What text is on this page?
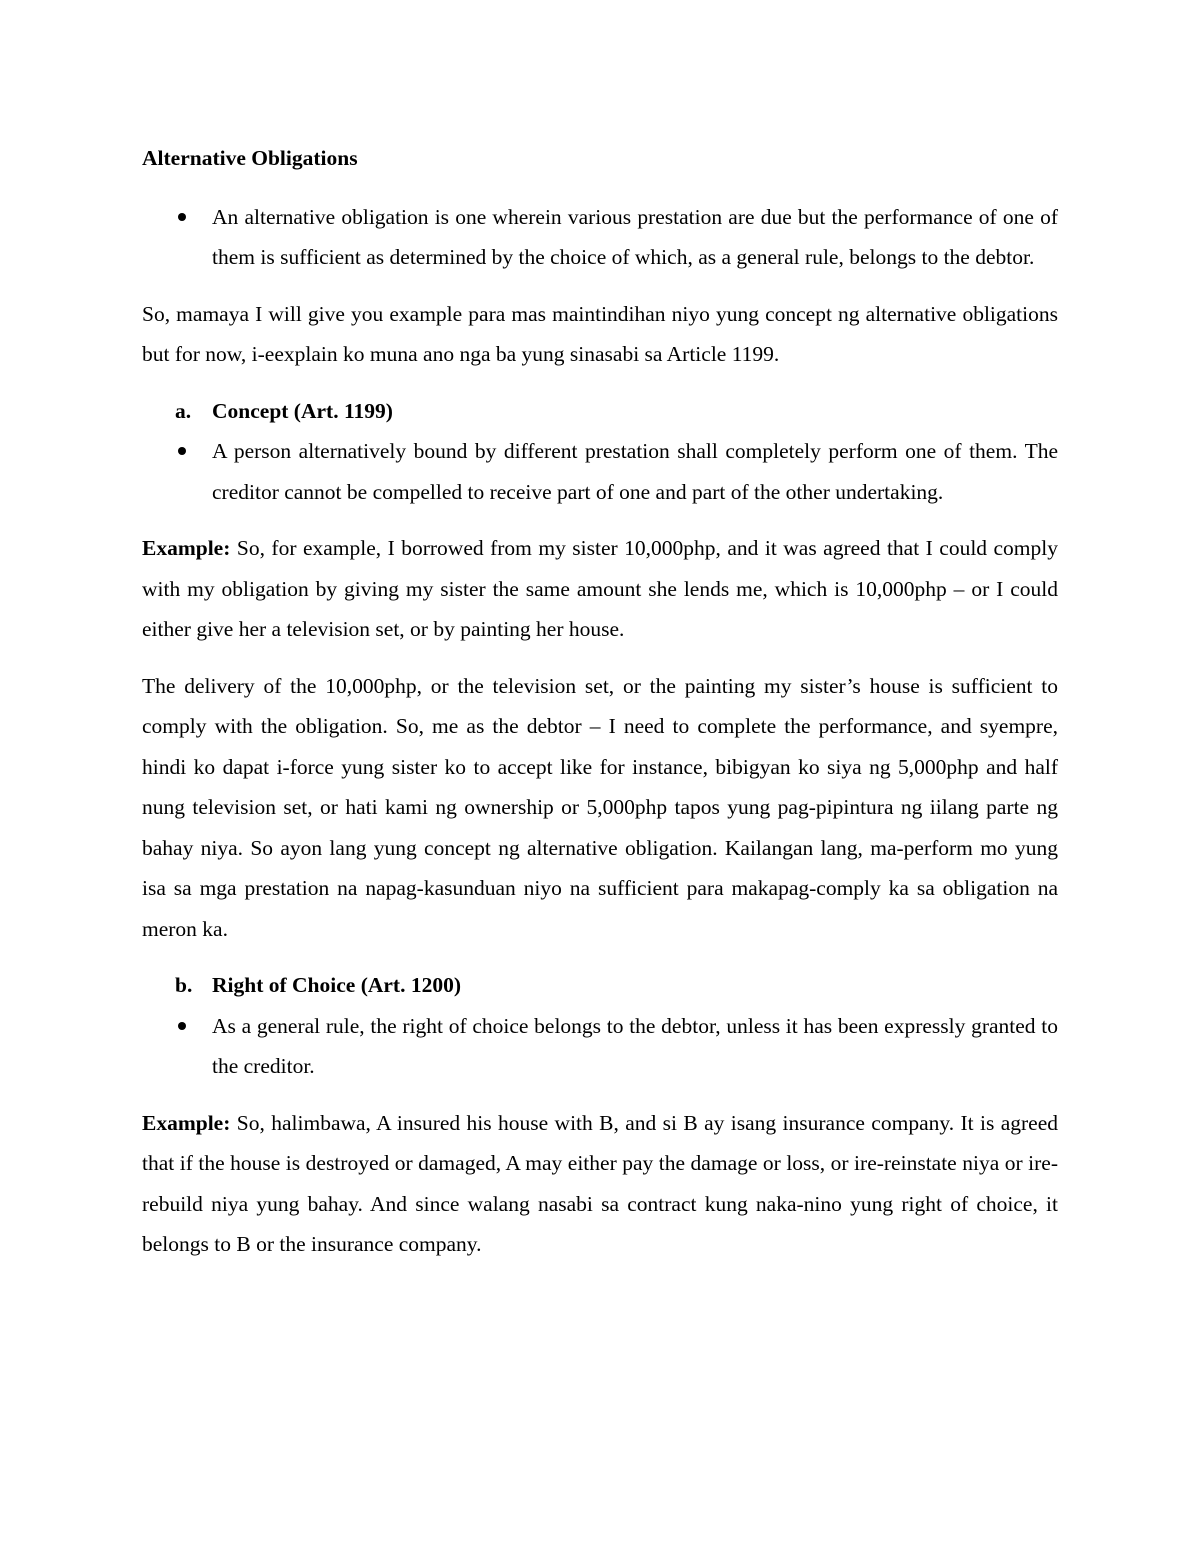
Alternative Obligations
An alternative obligation is one wherein various prestation are due but the performance of one of them is sufficient as determined by the choice of which, as a general rule, belongs to the debtor.
So, mamaya I will give you example para mas maintindihan niyo yung concept ng alternative obligations but for now, i-eexplain ko muna ano nga ba yung sinasabi sa Article 1199.
a. Concept (Art. 1199)
A person alternatively bound by different prestation shall completely perform one of them. The creditor cannot be compelled to receive part of one and part of the other undertaking.
Example: So, for example, I borrowed from my sister 10,000php, and it was agreed that I could comply with my obligation by giving my sister the same amount she lends me, which is 10,000php – or I could either give her a television set, or by painting her house.
The delivery of the 10,000php, or the television set, or the painting my sister’s house is sufficient to comply with the obligation. So, me as the debtor – I need to complete the performance, and syempre, hindi ko dapat i-force yung sister ko to accept like for instance, bibigyan ko siya ng 5,000php and half nung television set, or hati kami ng ownership or 5,000php tapos yung pag-pipintura ng iilang parte ng bahay niya. So ayon lang yung concept ng alternative obligation. Kailangan lang, ma-perform mo yung isa sa mga prestation na napag-kasunduan niyo na sufficient para makapag-comply ka sa obligation na meron ka.
b. Right of Choice (Art. 1200)
As a general rule, the right of choice belongs to the debtor, unless it has been expressly granted to the creditor.
Example: So, halimbawa, A insured his house with B, and si B ay isang insurance company. It is agreed that if the house is destroyed or damaged, A may either pay the damage or loss, or ire-reinstate niya or ire-rebuild niya yung bahay. And since walang nasabi sa contract kung naka-nino yung right of choice, it belongs to B or the insurance company.
